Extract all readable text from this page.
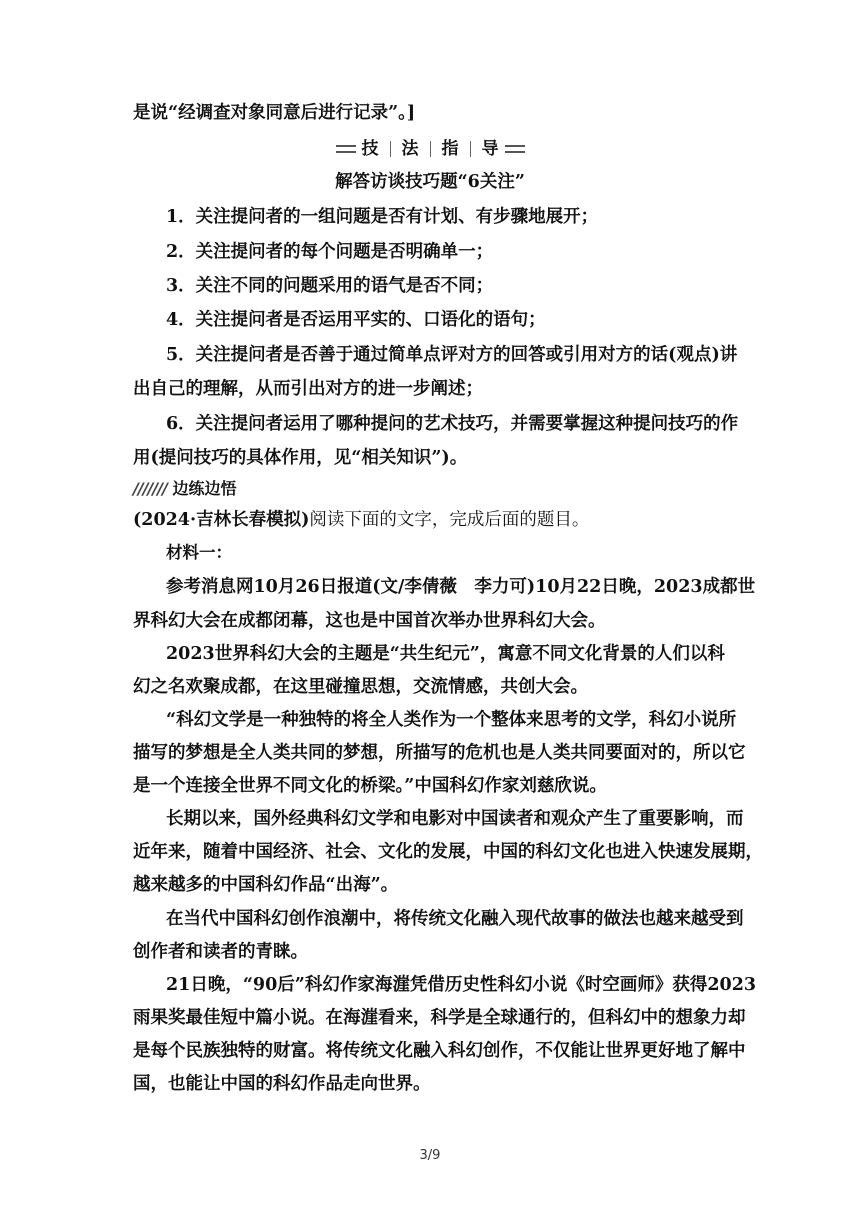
是说“经调查对象同意后进行记录”。]
技 法 指 导
解答访谈技巧题“6关注”
1．关注提问者的一组问题是否有计划、有步骤地展开；
2．关注提问者的每个问题是否明确单一；
3．关注不同的问题采用的语气是否不同；
4．关注提问者是否运用平实的、口语化的语句；
5．关注提问者是否善于通过简单点评对方的回答或引用对方的话(观点)讲
出自己的理解，从而引出对方的进一步阐述；
6．关注提问者运用了哪种提问的艺术技巧，并需要掌握这种提问技巧的作
用(提问技巧的具体作用，见“相关知识”)。
/////// 边练边悟
(2024·吉林长春模拟)阅读下面的文字，完成后面的题目。
材料一：
参考消息网10月26日报道(文/李倩薇　李力可)10月22日晚，2023成都世
界科幻大会在成都闭幕，这也是中国首次举办世界科幻大会。
2023世界科幻大会的主题是“共生纪元”，寓意不同文化背景的人们以科
幻之名欢聚成都，在这里碰撞思想，交流情感，共创大会。
“科幻文学是一种独特的将全人类作为一个整体来思考的文学，科幻小说所
描写的梦想是全人类共同的梦想，所描写的危机也是人类共同要面对的，所以它
是一个连接全世界不同文化的桥梁。”中国科幻作家刘慈欣说。
长期以来，国外经典科幻文学和电影对中国读者和观众产生了重要影响，而
近年来，随着中国经济、社会、文化的发展，中国的科幻文化也进入快速发展期，
越来越多的中国科幻作品“出海”。
在当代中国科幻创作浪潮中，将传统文化融入现代故事的做法也越来越受到
创作者和读者的青睐。
21日晚，“90后”科幻作家海漄凭借历史性科幻小说《时空画师》获得2023
雨果奖最佳短中篇小说。在海漄看来，科学是全球通行的，但科幻中的想象力却
是每个民族独特的财富。将传统文化融入科幻创作，不仅能让世界更好地了解中
国，也能让中国的科幻作品走向世界。
3/9
